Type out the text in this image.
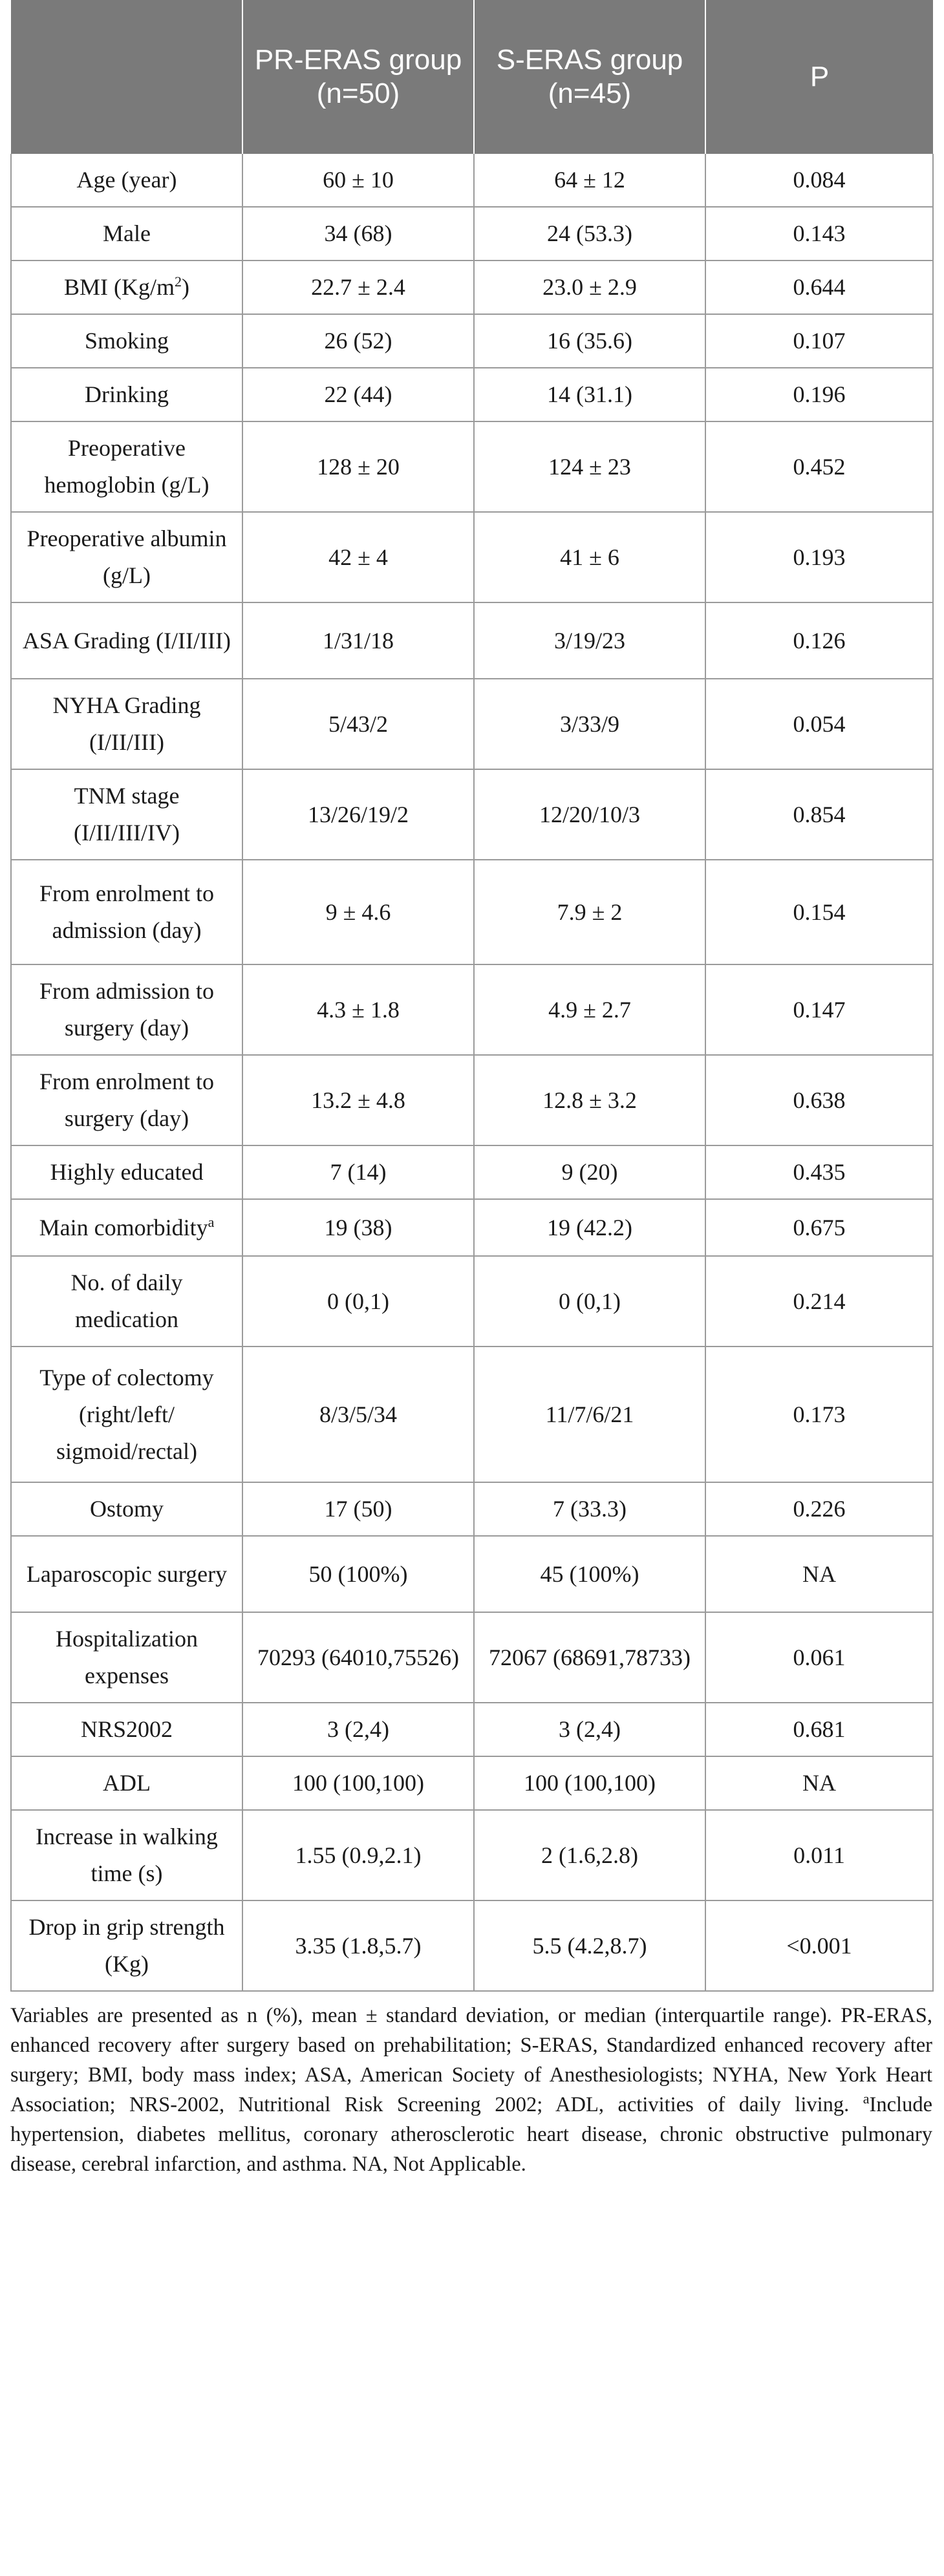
	PR-ERAS group (n=50)	S-ERAS group (n=45)	P
Age (year)	60 ± 10	64 ± 12	0.084
Male	34 (68)	24 (53.3)	0.143
BMI $(Kg/m^2)$	22.7 ± 2.4	23.0 ± 2.9	0.644
Smoking	26 (52)	16 (35.6)	0.107
Drinking	22 (44)	14 (31.1)	0.196
Preoperative hemoglobin (g/L)	128 ± 20	124 ± 23	0.452
Preoperative albumin (g/L)	42 ± 4	41 ± 6	0.193
ASA Grading (I/II/III)	1/31/18	3/19/23	0.126
NYHA Grading (I/II/III)	5/43/2	3/33/9	0.054
TNM stage (I/II/III/IV)	13/26/19/2	12/20/10/3	0.854
From enrolment to admission (day)	9 ± 4.6	7.9 ± 2	0.154
From admission to surgery (day)	4.3 ± 1.8	4.9 ± 2.7	0.147
From enrolment to surgery (day)	13.2 ± 4.8	12.8 ± 3.2	0.638
Highly educated	7 (14)	9 (20)	0.435
Main comorbidity$^a$	19 (38)	19 (42.2)	0.675
No. of daily medication	0 (0,1)	0 (0,1)	0.214
Type of colectomy (right/left/ sigmoid/rectal)	8/3/5/34	11/7/6/21	0.173
Ostomy	17 (50)	7 (33.3)	0.226
Laparoscopic surgery	50 (100%)	45 (100%)	NA
Hospitalization expenses	70293 (64010,75526)	72067 (68691,78733)	0.061
NRS2002	3 (2,4)	3 (2,4)	0.681
ADL	100 (100,100)	100 (100,100)	NA
Increase in walking time (s)	1.55 (0.9,2.1)	2 (1.6,2.8)	0.011
Drop in grip strength (Kg)	3.35 (1.8,5.7)	5.5 (4.2,8.7)	<0.001

Variables are presented as n (%), mean ± standard deviation, or median (interquartile range). PR-ERAS, enhanced recovery after surgery based on prehabilitation; S-ERAS, Standardized enhanced recovery after surgery; BMI, body mass index; ASA, American Society of Anesthesiologists; NYHA, New York Heart Association; NRS-2002, Nutritional Risk Screening 2002; ADL, activities of daily living. $^a$Include hypertension, diabetes mellitus, coronary atherosclerotic heart disease, chronic obstructive pulmonary disease, cerebral infarction, and asthma. NA, Not Applicable.
